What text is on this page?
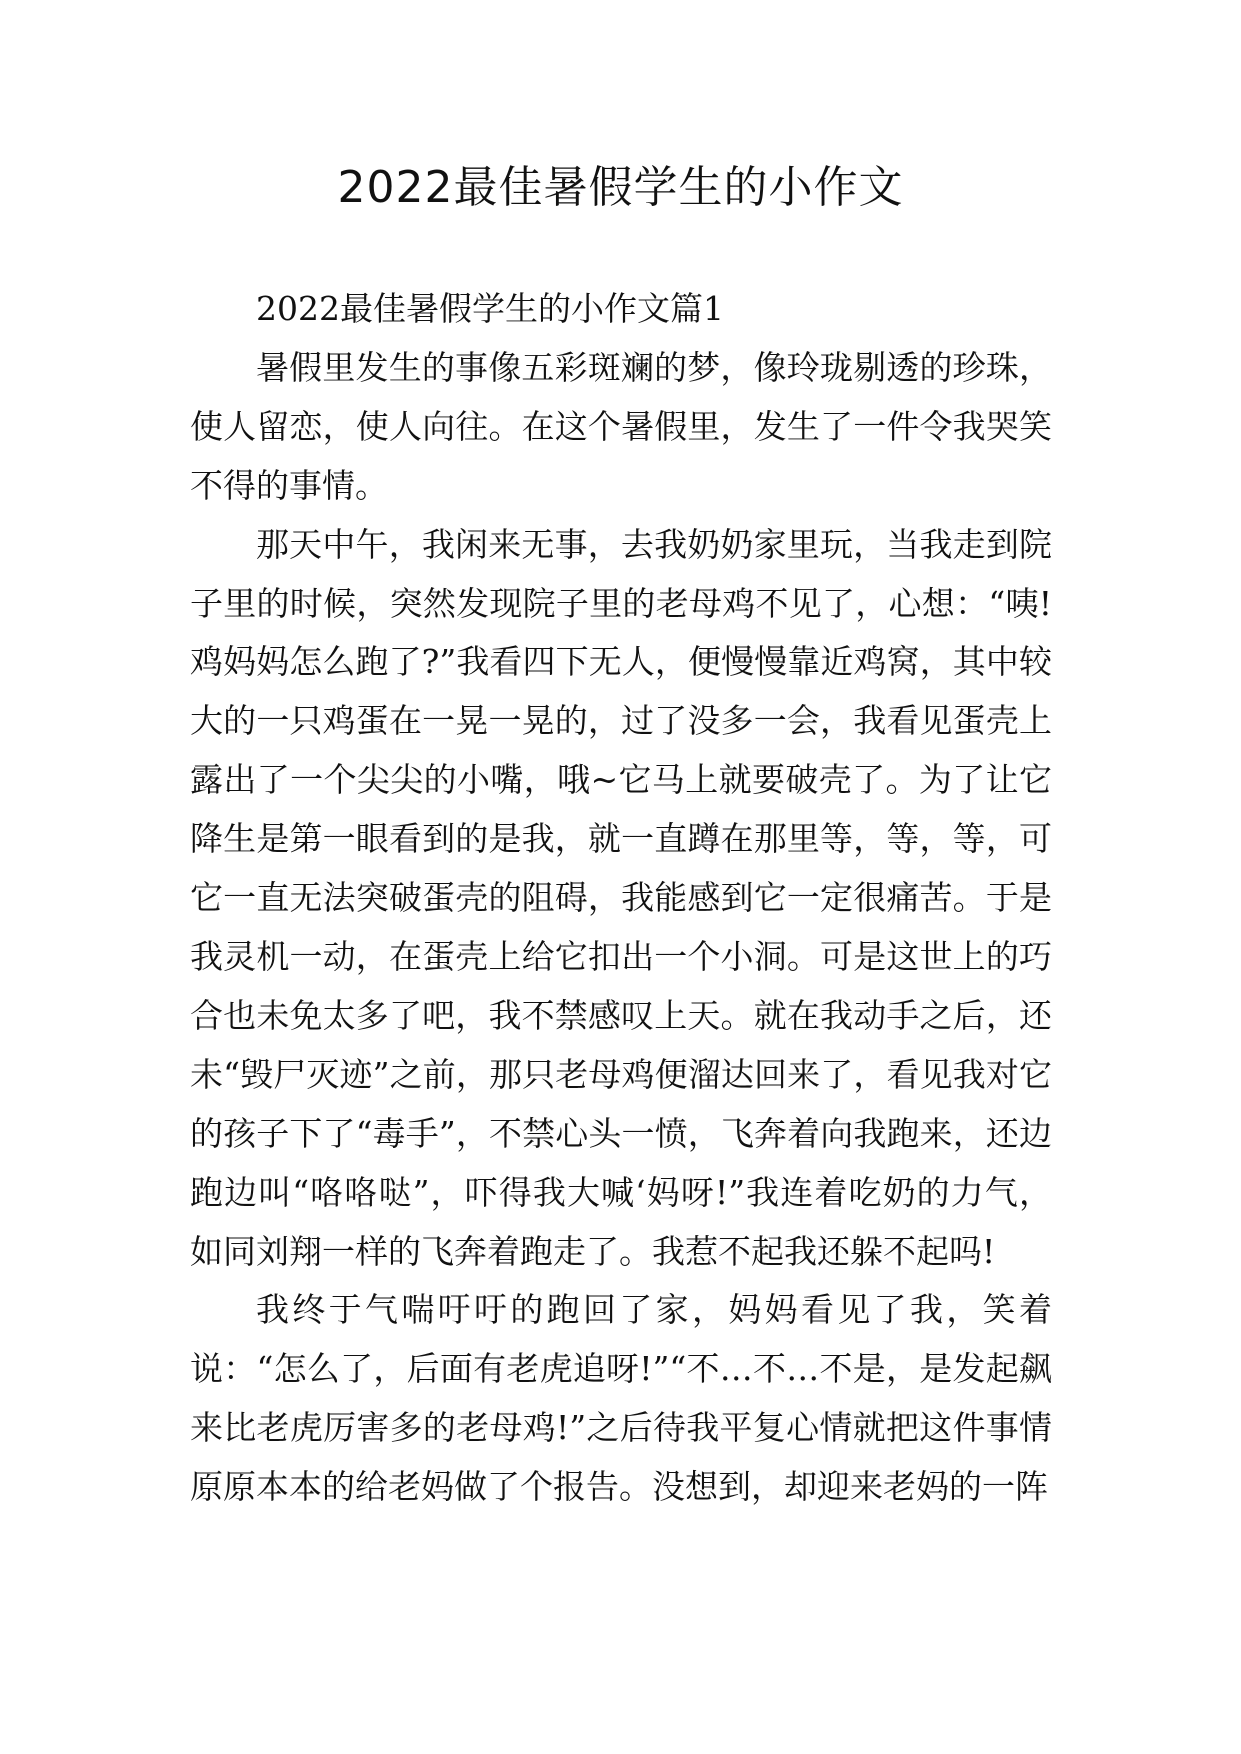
2022最佳暑假学生的小作文

2022最佳暑假学生的小作文篇1

暑假里发生的事像五彩斑斓的梦，像玲珑剔透的珍珠，使人留恋，使人向往。在这个暑假里，发生了一件令我哭笑不得的事情。

那天中午，我闲来无事，去我奶奶家里玩，当我走到院子里的时候，突然发现院子里的老母鸡不见了，心想：“咦!鸡妈妈怎么跑了?”我看四下无人，便慢慢靠近鸡窝，其中较大的一只鸡蛋在一晃一晃的，过了没多一会，我看见蛋壳上露出了一个尖尖的小嘴，哦~它马上就要破壳了。为了让它降生是第一眼看到的是我，就一直蹲在那里等，等，等，可它一直无法突破蛋壳的阻碍，我能感到它一定很痛苦。于是我灵机一动，在蛋壳上给它扣出一个小洞。可是这世上的巧合也未免太多了吧，我不禁感叹上天。就在我动手之后，还未“毁尸灭迹”之前，那只老母鸡便溜达回来了，看见我对它的孩子下了“毒手”，不禁心头一愤，飞奔着向我跑来，还边跑边叫“咯咯哒”，吓得我大喊‘妈呀!”我连着吃奶的力气，如同刘翔一样的飞奔着跑走了。我惹不起我还躲不起吗!

我终于气喘吁吁的跑回了家，妈妈看见了我，笑着说：“怎么了，后面有老虎追呀!”“不…不…不是，是发起飙来比老虎厉害多的老母鸡!”之后待我平复心情就把这件事情原原本本的给老妈做了个报告。没想到，却迎来老妈的一阵
